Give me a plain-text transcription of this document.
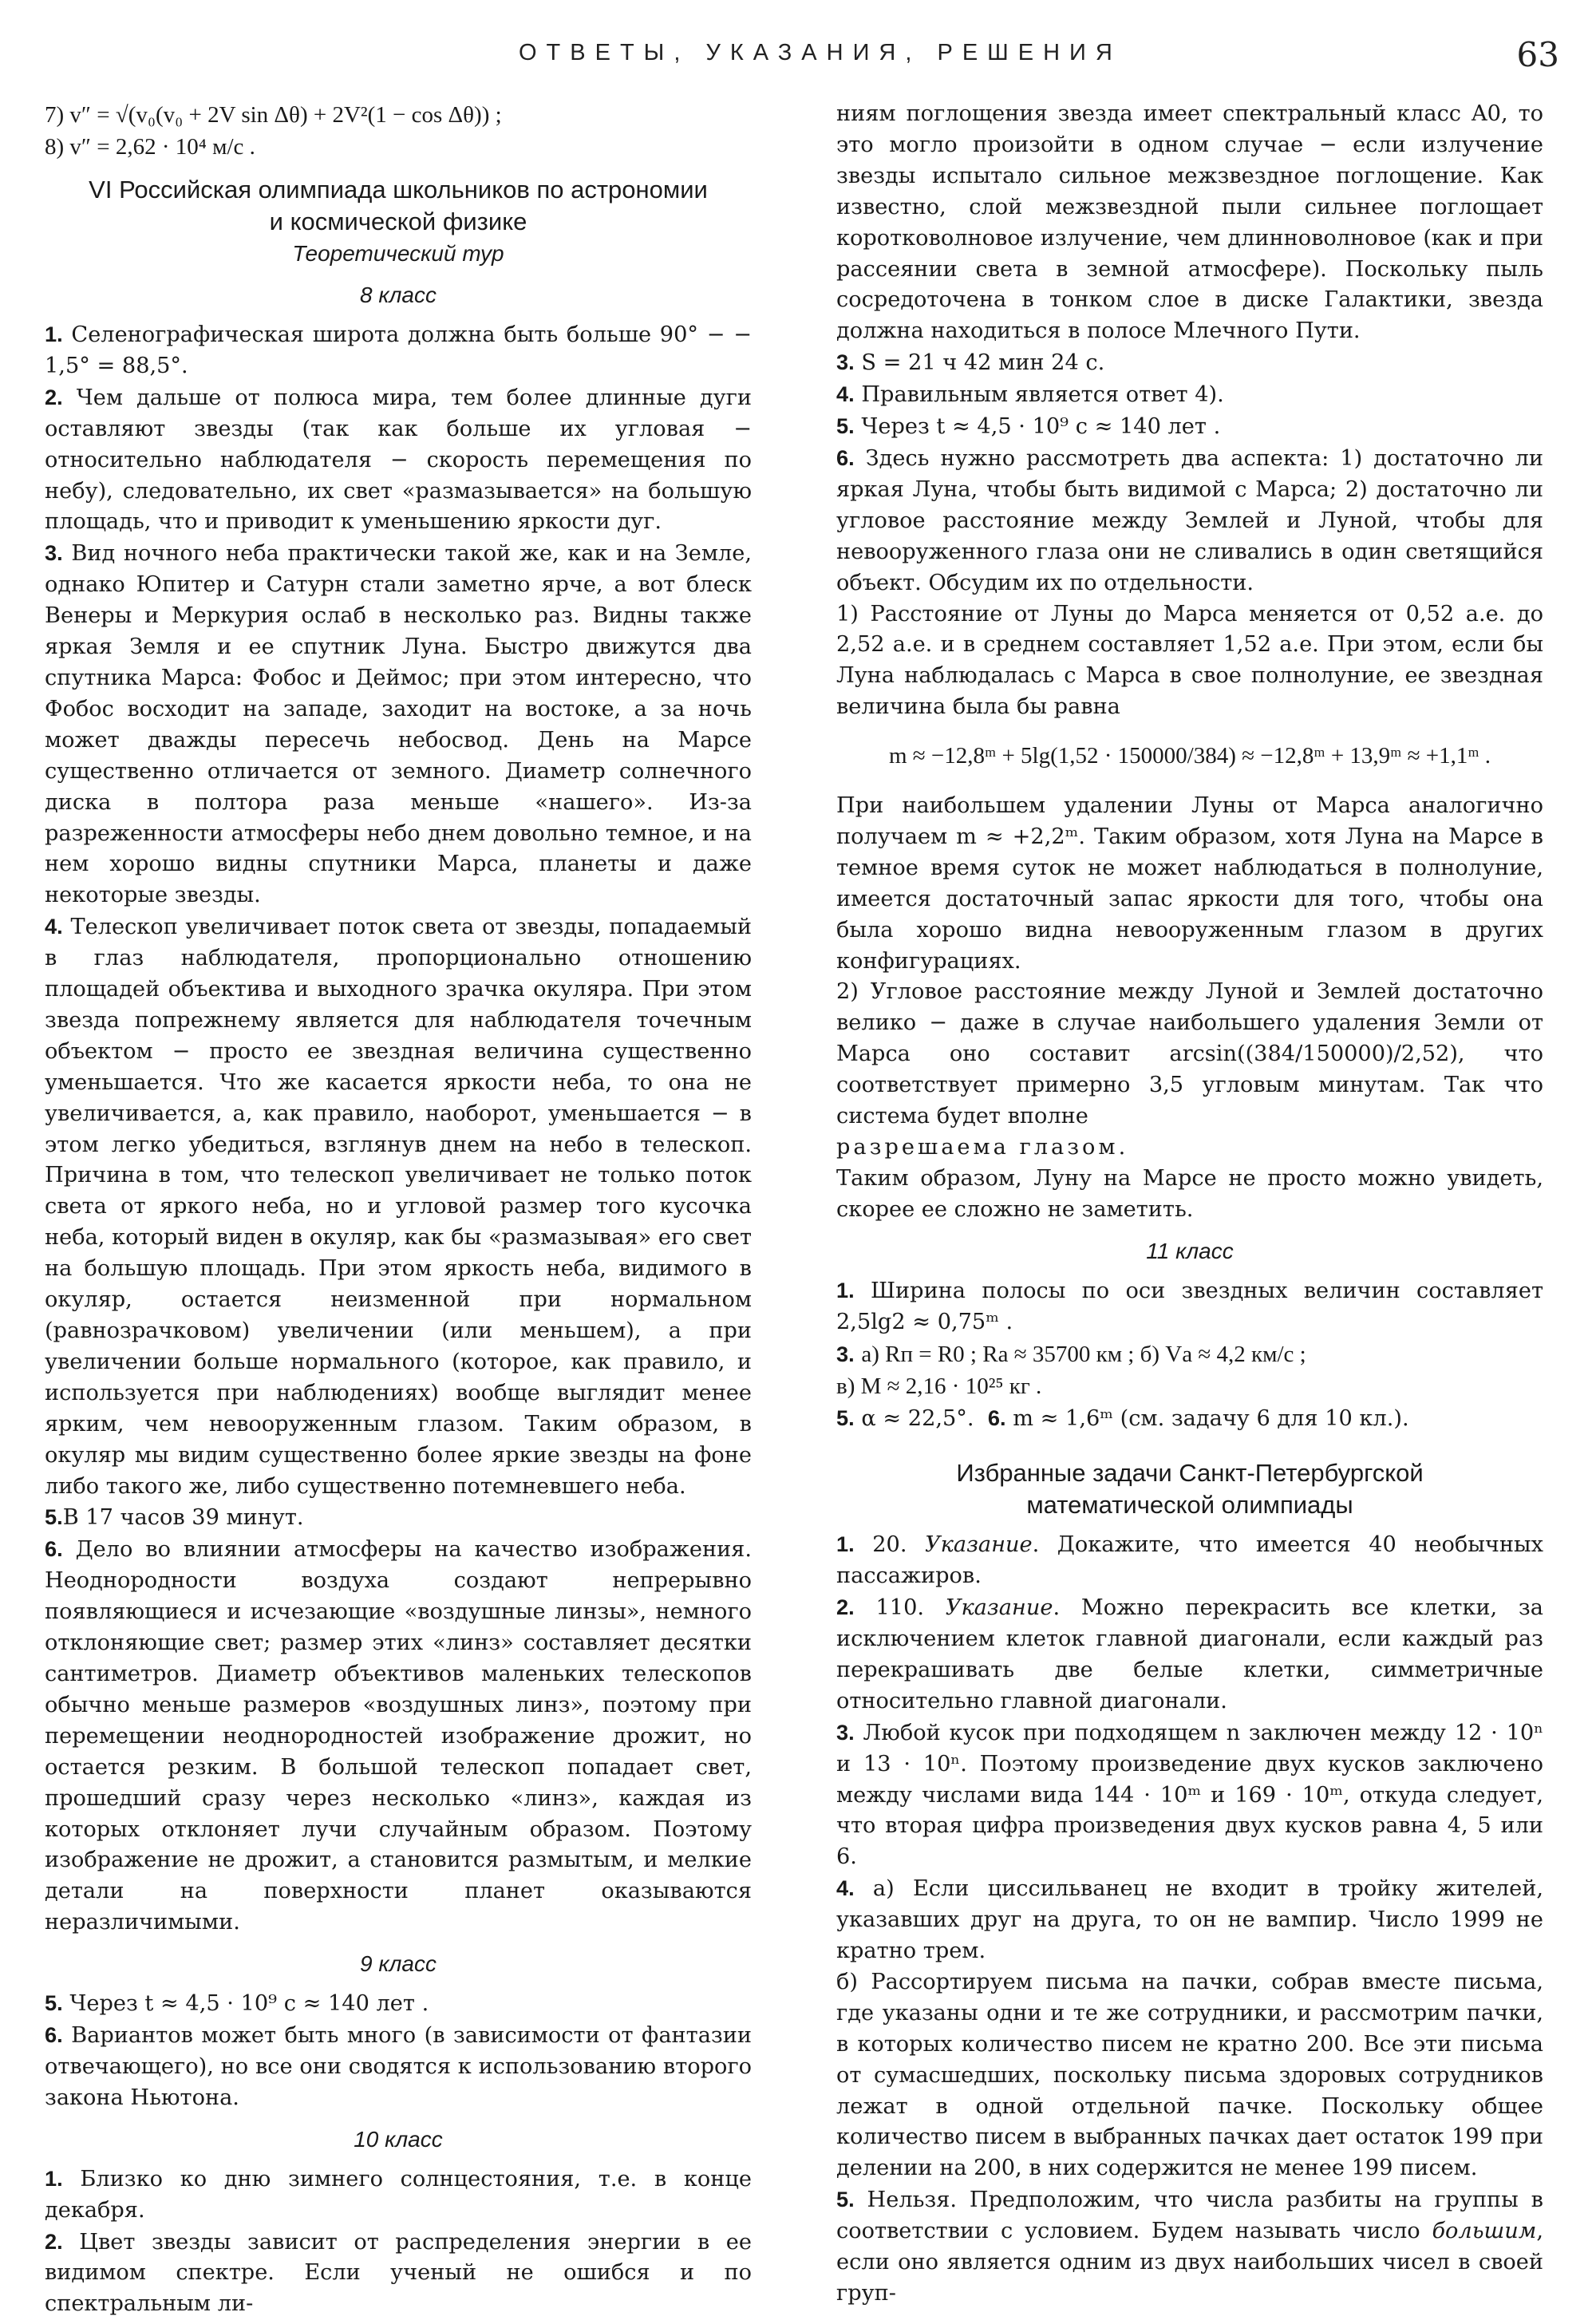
ОТВЕТЫ, УКАЗАНИЯ, РЕШЕНИЯ	63
7) v″ = √(v₀(v₀ + 2V sin Δθ) + 2V²(1 − cos Δθ)) ;
8) v″ = 2,62 · 10⁴ м/с .
VI Российская олимпиада школьников по астрономии
и космической физике
Теоретический тур
8 класс

1. Селенографическая широта должна быть больше 90° − − 1,5° = 88,5°.

2. Чем дальше от полюса мира, тем более длинные дуги оставляют звезды (так как больше их угловая − относительно наблюдателя − скорость перемещения по небу), следовательно, их свет «размазывается» на большую площадь, что и приводит к уменьшению яркости дуг.

3. Вид ночного неба практически такой же, как и на Земле, однако Юпитер и Сатурн стали заметно ярче, а вот блеск Венеры и Меркурия ослаб в несколько раз. Видны также яркая Земля и ее спутник Луна. Быстро движутся два спутника Марса: Фобос и Деймос; при этом интересно, что Фобос восходит на западе, заходит на востоке, а за ночь может дважды пересечь небосвод. День на Марсе существенно отличается от земного. Диаметр солнечного диска в полтора раза меньше «нашего». Из-за разреженности атмосферы небо днем довольно темное, и на нем хорошо видны спутники Марса, планеты и даже некоторые звезды.

4. Телескоп увеличивает поток света от звезды, попадаемый в глаз наблюдателя, пропорционально отношению площадей объектива и выходного зрачка окуляра. При этом звезда попрежнему является для наблюдателя точечным объектом − просто ее звездная величина существенно уменьшается. Что же касается яркости неба, то она не увеличивается, а, как правило, наоборот, уменьшается − в этом легко убедиться, взглянув днем на небо в телескоп. Причина в том, что телескоп увеличивает не только поток света от яркого неба, но и угловой размер того кусочка неба, который виден в окуляр, как бы «размазывая» его свет на большую площадь. При этом яркость неба, видимого в окуляр, остается неизменной при нормальном (равнозрачковом) увеличении (или меньшем), а при увеличении больше нормального (которое, как правило, и используется при наблюдениях) вообще выглядит менее ярким, чем невооруженным глазом. Таким образом, в окуляр мы видим существенно более яркие звезды на фоне либо такого же, либо существенно потемневшего неба.

5.В 17 часов 39 минут.

6. Дело во влиянии атмосферы на качество изображения. Неоднородности воздуха создают непрерывно появляющиеся и исчезающие «воздушные линзы», немного отклоняющие свет; размер этих «линз» составляет десятки сантиметров. Диаметр объективов маленьких телескопов обычно меньше размеров «воздушных линз», поэтому при перемещении неоднородностей изображение дрожит, но остается резким. В большой телескоп попадает свет, прошедший сразу через несколько «линз», каждая из которых отклоняет лучи случайным образом. Поэтому изображение не дрожит, а становится размытым, и мелкие детали на поверхности планет оказываются неразличимыми.

9 класс

5. Через t ≈ 4,5 · 10⁹ с ≈ 140 лет .

6. Вариантов может быть много (в зависимости от фантазии отвечающего), но все они сводятся к использованию второго закона Ньютона.

10 класс

1. Близко ко дню зимнего солнцестояния, т.е. в конце декабря.

2. Цвет звезды зависит от распределения энергии в ее видимом спектре. Если ученый не ошибся и по спектральным ли-

ниям поглощения звезда имеет спектральный класс A0, то это могло произойти в одном случае − если излучение звезды испытало сильное межзвездное поглощение. Как известно, слой межзвездной пыли сильнее поглощает коротковолновое излучение, чем длинноволновое (как и при рассеянии света в земной атмосфере). Поскольку пыль сосредоточена в тонком слое в диске Галактики, звезда должна находиться в полосе Млечного Пути.

3. S = 21 ч 42 мин 24 с.

4. Правильным является ответ 4).

5. Через t ≈ 4,5 · 10⁹ с ≈ 140 лет .

6. Здесь нужно рассмотреть два аспекта: 1) достаточно ли яркая Луна, чтобы быть видимой с Марса; 2) достаточно ли угловое расстояние между Землей и Луной, чтобы для невооруженного глаза они не сливались в один светящийся объект. Обсудим их по отдельности.

1) Расстояние от Луны до Марса меняется от 0,52 а.е. до 2,52 а.е. и в среднем составляет 1,52 а.е. При этом, если бы Луна наблюдалась с Марса в свое полнолуние, ее звездная величина была бы равна

m ≈ −12,8ᵐ + 5lg(1,52 · 150000/384) ≈ −12,8ᵐ + 13,9ᵐ ≈ +1,1ᵐ .

При наибольшем удалении Луны от Марса аналогично получаем m ≈ +2,2ᵐ. Таким образом, хотя Луна на Марсе в темное время суток не может наблюдаться в полнолуние, имеется достаточный запас яркости для того, чтобы она была хорошо видна невооруженным глазом в других конфигурациях.

2) Угловое расстояние между Луной и Землей достаточно велико − даже в случае наибольшего удаления Земли от Марса оно составит arcsin((384/150000)/2,52), что соответствует примерно 3,5 угловым минутам. Так что система будет вполне
разрешаема глазом.

Таким образом, Луну на Марсе не просто можно увидеть, скорее ее сложно не заметить.

11 класс

1. Ширина полосы по оси звездных величин составляет 2,5lg2 ≈ 0,75ᵐ .

3. а) Rп = R0 ; Rа ≈ 35700 км ; б) Vа ≈ 4,2 км/с ;
в) M ≈ 2,16 · 10²⁵ кг .

5. α ≈ 22,5°. 6. m ≈ 1,6ᵐ (см. задачу 6 для 10 кл.).

Избранные задачи Санкт-Петербургской
математической олимпиады

1. 20. Указание. Докажите, что имеется 40 необычных пассажиров.

2. 110. Указание. Можно перекрасить все клетки, за исключением клеток главной диагонали, если каждый раз перекрашивать две белые клетки, симметричные относительно главной диагонали.

3. Любой кусок при подходящем n заключен между 12 · 10ⁿ и 13 · 10ⁿ. Поэтому произведение двух кусков заключено между числами вида 144 · 10ᵐ и 169 · 10ᵐ, откуда следует, что вторая цифра произведения двух кусков равна 4, 5 или 6.

4. а) Если циссильванец не входит в тройку жителей, указавших друг на друга, то он не вампир. Число 1999 не кратно трем.

б) Рассортируем письма на пачки, собрав вместе письма, где указаны одни и те же сотрудники, и рассмотрим пачки, в которых количество писем не кратно 200. Все эти письма от сумасшедших, поскольку письма здоровых сотрудников лежат в одной отдельной пачке. Поскольку общее количество писем в выбранных пачках дает остаток 199 при делении на 200, в них содержится не менее 199 писем.

5. Нельзя. Предположим, что числа разбиты на группы в соответствии с условием. Будем называть число большим, если оно является одним из двух наибольших чисел в своей груп-
